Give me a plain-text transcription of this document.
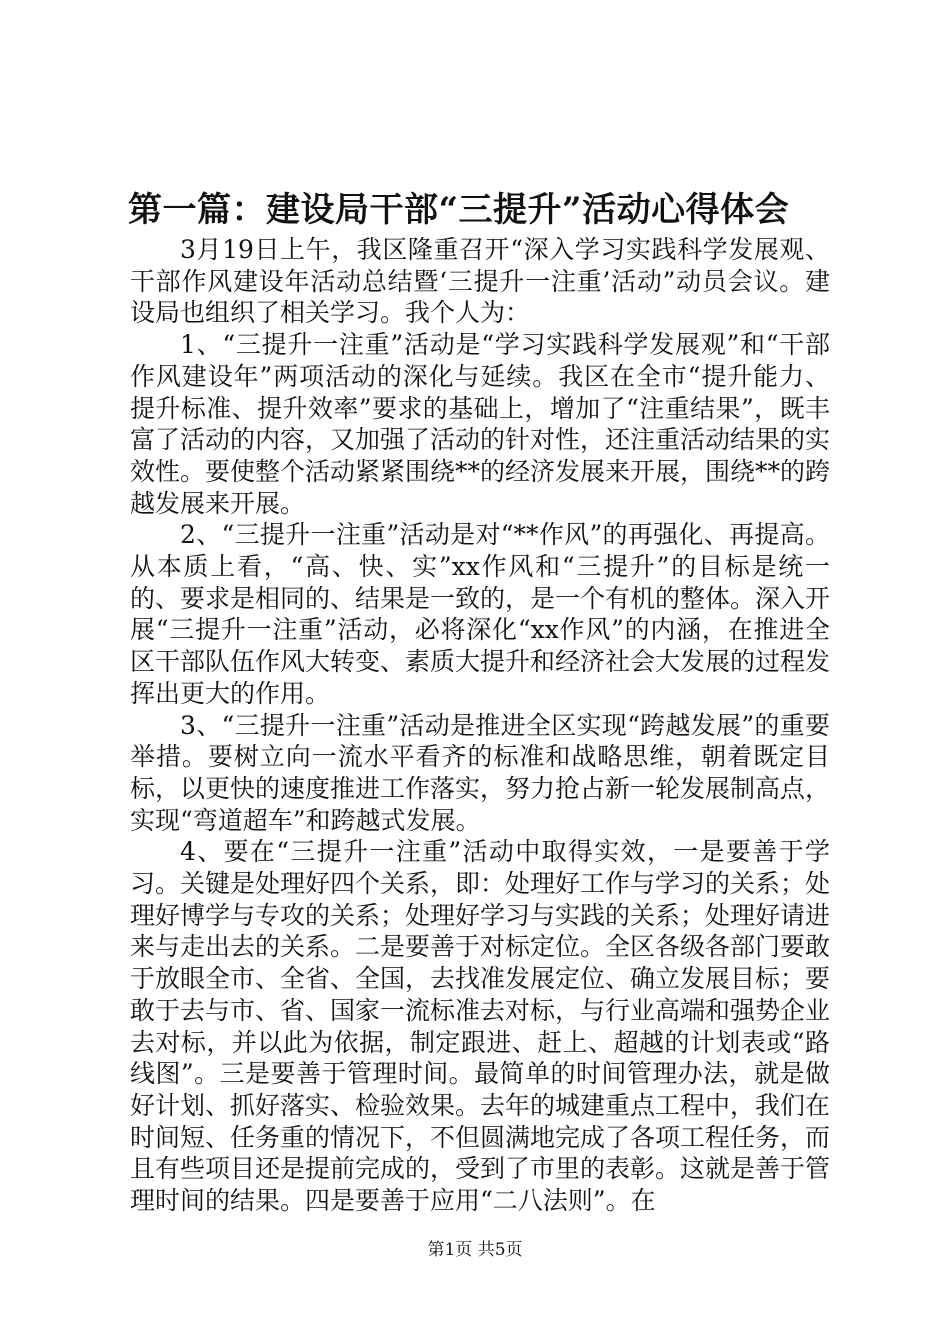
第一篇：建设局干部“三提升”活动心得体会

3月19日上午，我区隆重召开“深入学习实践科学发展观、干部作风建设年活动总结暨‘三提升一注重’活动”动员会议。建设局也组织了相关学习。我个人为：

1、“三提升一注重”活动是“学习实践科学发展观”和“干部作风建设年”两项活动的深化与延续。我区在全市“提升能力、提升标准、提升效率”要求的基础上，增加了“注重结果”，既丰富了活动的内容，又加强了活动的针对性，还注重活动结果的实效性。要使整个活动紧紧围绕**的经济发展来开展，围绕**的跨越发展来开展。

2、“三提升一注重”活动是对“**作风”的再强化、再提高。从本质上看，“高、快、实”xx作风和“三提升”的目标是统一的、要求是相同的、结果是一致的，是一个有机的整体。深入开展“三提升一注重”活动，必将深化“xx作风”的内涵，在推进全区干部队伍作风大转变、素质大提升和经济社会大发展的过程发挥出更大的作用。

3、“三提升一注重”活动是推进全区实现“跨越发展”的重要举措。要树立向一流水平看齐的标准和战略思维，朝着既定目标，以更快的速度推进工作落实，努力抢占新一轮发展制高点，实现“弯道超车”和跨越式发展。

4、要在“三提升一注重”活动中取得实效，一是要善于学习。关键是处理好四个关系，即：处理好工作与学习的关系；处理好博学与专攻的关系；处理好学习与实践的关系；处理好请进来与走出去的关系。二是要善于对标定位。全区各级各部门要敢于放眼全市、全省、全国，去找准发展定位、确立发展目标；要敢于去与市、省、国家一流标准去对标，与行业高端和强势企业去对标，并以此为依据，制定跟进、赶上、超越的计划表或“路线图”。三是要善于管理时间。最简单的时间管理办法，就是做好计划、抓好落实、检验效果。去年的城建重点工程中，我们在时间短、任务重的情况下，不但圆满地完成了各项工程任务，而且有些项目还是提前完成的，受到了市里的表彰。这就是善于管理时间的结果。四是要善于应用“二八法则”。在

第1页 共5页
